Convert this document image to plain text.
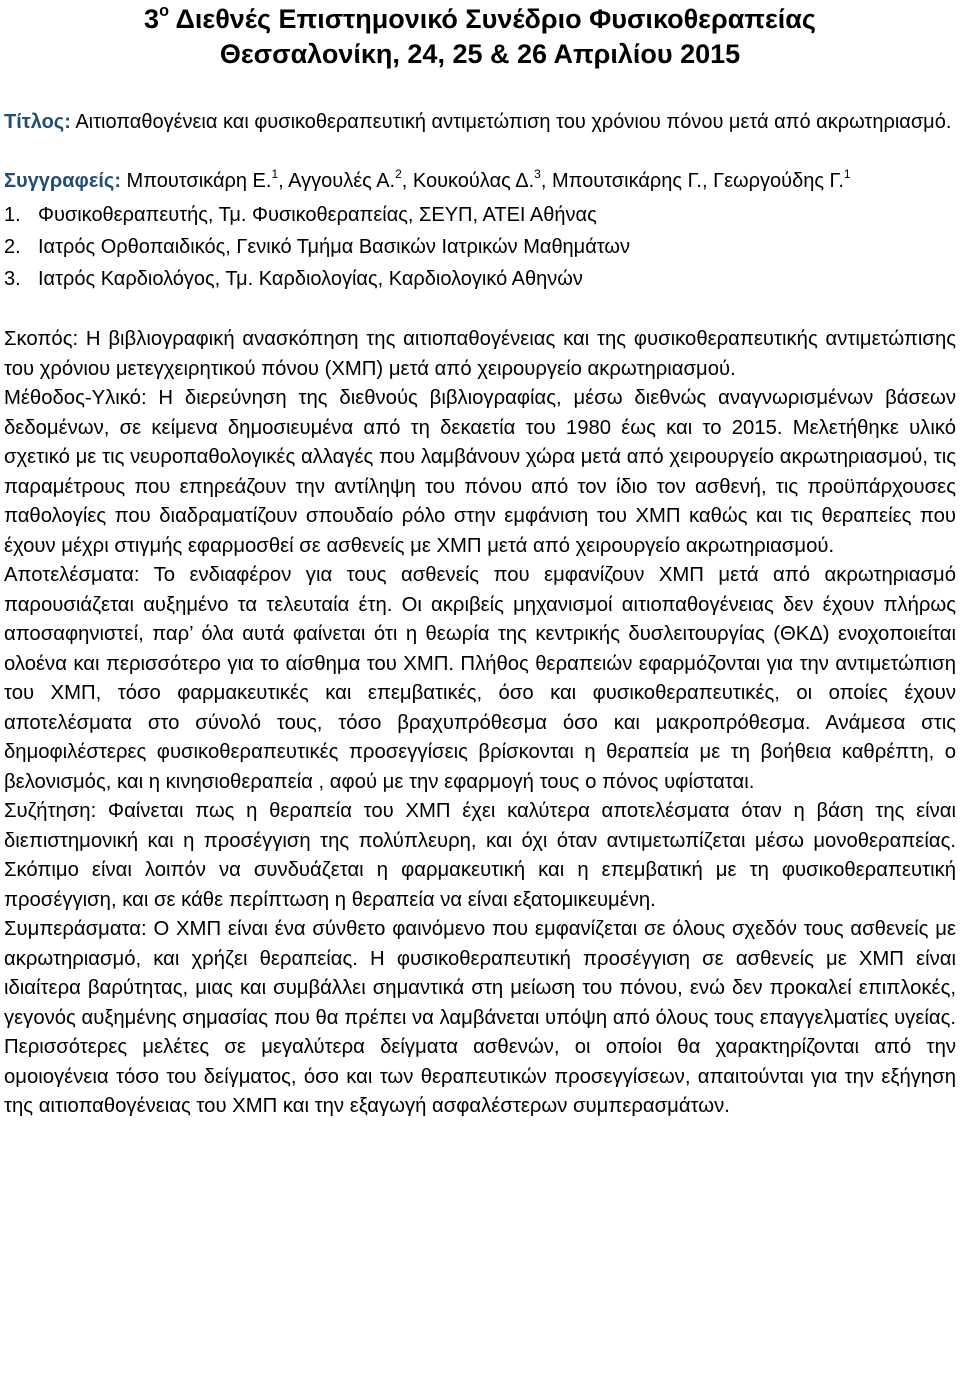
$3^o$ Διεθνές Επιστημονικό Συνέδριο Φυσικοθεραπείας
Θεσσαλονίκη, 24, 25 & 26 Απριλίου 2015
Τίτλος: Αιτιοπαθογένεια και φυσικοθεραπευτική αντιμετώπιση του χρόνιου πόνου μετά από ακρωτηριασμό.
Συγγραφείς: Μπουτσικάρη Ε.$^1$, Αγγουλές Α.$^2$, Κουκούλας Δ.$^3$, Μπουτσικάρης Γ., Γεωργούδης Γ.$^1$
1. Φυσικοθεραπευτής, Τμ. Φυσικοθεραπείας, ΣΕΥΠ, ΑΤΕΙ Αθήνας
2. Ιατρός Ορθοπαιδικός, Γενικό Τμήμα Βασικών Ιατρικών Μαθημάτων
3. Ιατρός Καρδιολόγος, Τμ. Καρδιολογίας, Καρδιολογικό Αθηνών

Σκοπός: Η βιβλιογραφική ανασκόπηση της αιτιοπαθογένειας και της φυσικοθεραπευτικής αντιμετώπισης του χρόνιου μετεγχειρητικού πόνου (ΧΜΠ) μετά από χειρουργείο ακρωτηριασμού.

Μέθοδος-Υλικό: Η διερεύνηση της διεθνούς βιβλιογραφίας, μέσω διεθνώς αναγνωρισμένων βάσεων δεδομένων, σε κείμενα δημοσιευμένα από τη δεκαετία του 1980 έως και το 2015. Μελετήθηκε υλικό σχετικό με τις νευροπαθολογικές αλλαγές που λαμβάνουν χώρα μετά από χειρουργείο ακρωτηριασμού, τις παραμέτρους που επηρεάζουν την αντίληψη του πόνου από τον ίδιο τον ασθενή, τις προϋπάρχουσες παθολογίες που διαδραματίζουν σπουδαίο ρόλο στην εμφάνιση του ΧΜΠ καθώς και τις θεραπείες που έχουν μέχρι στιγμής εφαρμοσθεί σε ασθενείς με ΧΜΠ μετά από χειρουργείο ακρωτηριασμού.

Αποτελέσματα: Το ενδιαφέρον για τους ασθενείς που εμφανίζουν ΧΜΠ μετά από ακρωτηριασμό παρουσιάζεται αυξημένο τα τελευταία έτη. Οι ακριβείς μηχανισμοί αιτιοπαθογένειας δεν έχουν πλήρως αποσαφηνιστεί, παρ’ όλα αυτά φαίνεται ότι η θεωρία της κεντρικής δυσλειτουργίας (ΘΚΔ) ενοχοποιείται ολοένα και περισσότερο για το αίσθημα του ΧΜΠ. Πλήθος θεραπειών εφαρμόζονται για την αντιμετώπιση του ΧΜΠ, τόσο φαρμακευτικές και επεμβατικές, όσο και φυσικοθεραπευτικές, οι οποίες έχουν αποτελέσματα στο σύνολό τους, τόσο βραχυπρόθεσμα όσο και μακροπρόθεσμα. Ανάμεσα στις δημοφιλέστερες φυσικοθεραπευτικές προσεγγίσεις βρίσκονται η θεραπεία με τη βοήθεια καθρέπτη, ο βελονισμός, και η κινησιοθεραπεία , αφού με την εφαρμογή τους ο πόνος υφίσταται.

Συζήτηση: Φαίνεται πως η θεραπεία του ΧΜΠ έχει καλύτερα αποτελέσματα όταν η βάση της είναι διεπιστημονική και η προσέγγιση της πολύπλευρη, και όχι όταν αντιμετωπίζεται μέσω μονοθεραπείας. Σκόπιμο είναι λοιπόν να συνδυάζεται η φαρμακευτική και η επεμβατική με τη φυσικοθεραπευτική προσέγγιση, και σε κάθε περίπτωση η θεραπεία να είναι εξατομικευμένη.

Συμπεράσματα: Ο ΧΜΠ είναι ένα σύνθετο φαινόμενο που εμφανίζεται σε όλους σχεδόν τους ασθενείς με ακρωτηριασμό, και χρήζει θεραπείας. Η φυσικοθεραπευτική προσέγγιση σε ασθενείς με ΧΜΠ είναι ιδιαίτερα βαρύτητας, μιας και συμβάλλει σημαντικά στη μείωση του πόνου, ενώ δεν προκαλεί επιπλοκές, γεγονός αυξημένης σημασίας που θα πρέπει να λαμβάνεται υπόψη από όλους τους επαγγελματίες υγείας. Περισσότερες μελέτες σε μεγαλύτερα δείγματα ασθενών, οι οποίοι θα χαρακτηρίζονται από την ομοιογένεια τόσο του δείγματος, όσο και των θεραπευτικών προσεγγίσεων, απαιτούνται για την εξήγηση της αιτιοπαθογένειας του ΧΜΠ και την εξαγωγή ασφαλέστερων συμπερασμάτων.
